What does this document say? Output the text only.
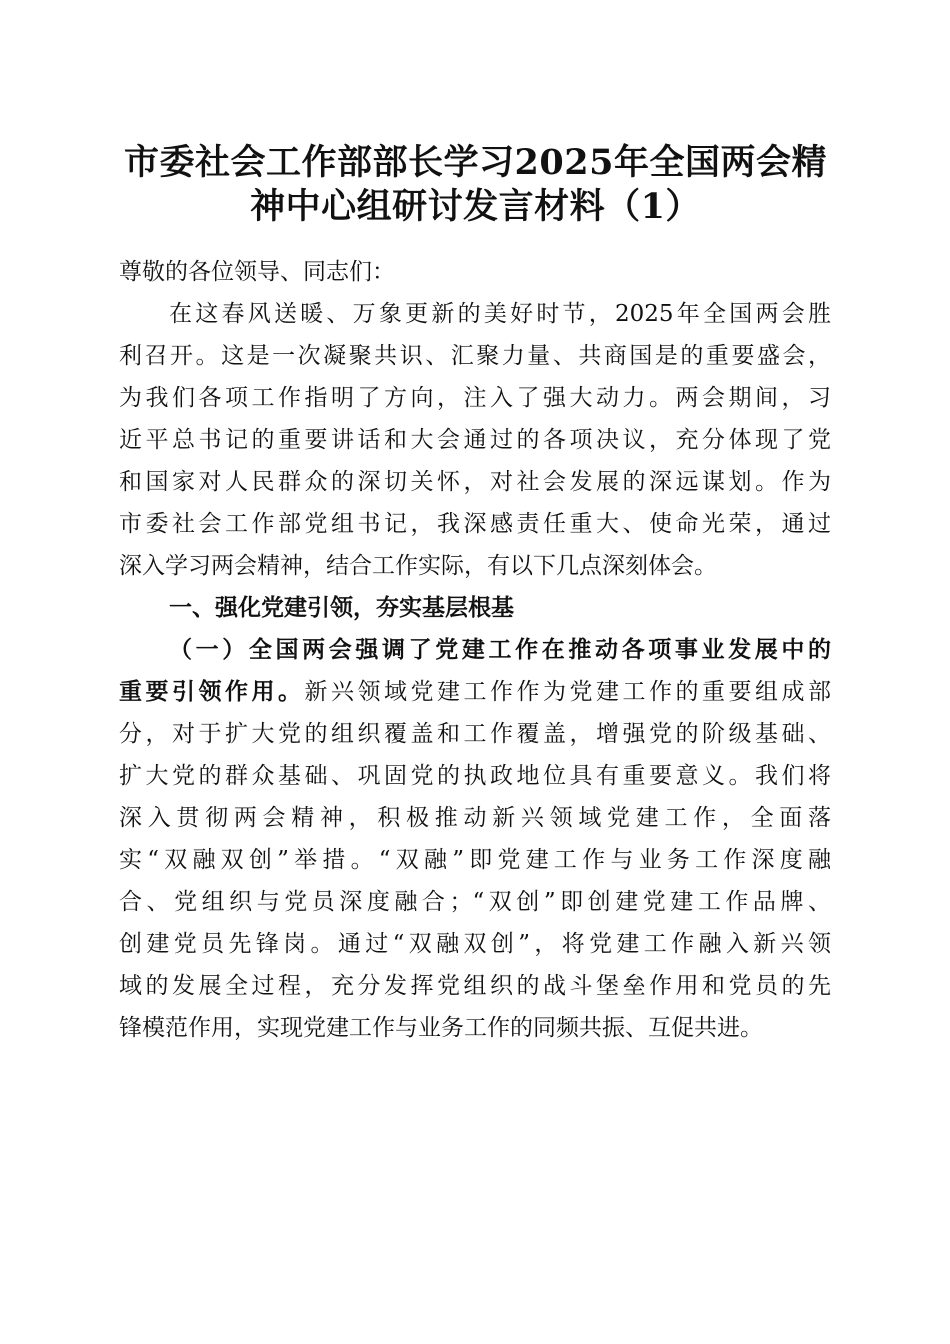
市委社会工作部部长学习2025年全国两会精
神中心组研讨发言材料（1）
尊敬的各位领导、同志们：
在这春风送暖、万象更新的美好时节，2025年全国两会胜
利召开。这是一次凝聚共识、汇聚力量、共商国是的重要盛会，
为我们各项工作指明了方向，注入了强大动力。两会期间，习
近平总书记的重要讲话和大会通过的各项决议，充分体现了党
和国家对人民群众的深切关怀，对社会发展的深远谋划。作为
市委社会工作部党组书记，我深感责任重大、使命光荣，通过
深入学习两会精神，结合工作实际，有以下几点深刻体会。
一、强化党建引领，夯实基层根基
（一）全国两会强调了党建工作在推动各项事业发展中的
重要引领作用。新兴领域党建工作作为党建工作的重要组成部
分，对于扩大党的组织覆盖和工作覆盖，增强党的阶级基础、
扩大党的群众基础、巩固党的执政地位具有重要意义。我们将
深入贯彻两会精神，积极推动新兴领域党建工作，全面落
实“双融双创”举措。“双融”即党建工作与业务工作深度融
合、党组织与党员深度融合；“双创”即创建党建工作品牌、
创建党员先锋岗。通过“双融双创”，将党建工作融入新兴领
域的发展全过程，充分发挥党组织的战斗堡垒作用和党员的先
锋模范作用，实现党建工作与业务工作的同频共振、互促共进。
